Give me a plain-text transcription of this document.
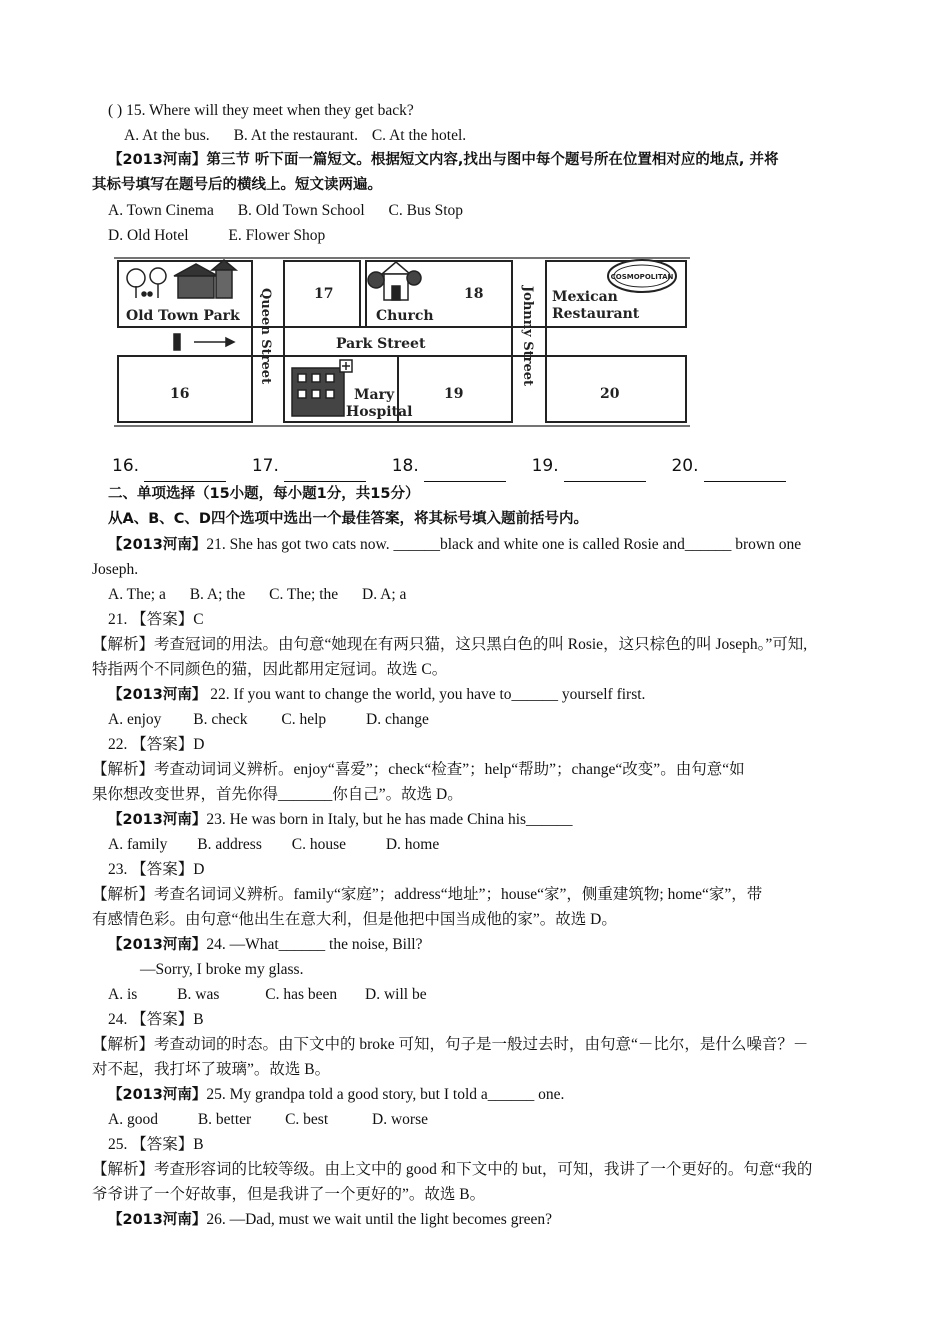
( ) 15. Where will they meet when they get back?
A. At the bus. B. At the restaurant. C. At the hotel.
【2013河南】第三节 听下面一篇短文。根据短文内容,找出与图中每个题号所在位置相对应的地点, 并将
其标号填写在题号后的横线上。短文读两遍。
A. Town Cinema B. Old Town School C. Bus Stop
D. Old Hotel	E. Flower Shop
COSMOPOLITAN
Old Town Park	Church
Mexican
Restaurant
Park Street
Mary
Hospital
Queen Street	Johnny Street
17	18
16	19	20
16.	17.	18.	19.	20.
二、单项选择（15小题，每小题1分，共15分）
从A、B、C、D四个选项中选出一个最佳答案，将其标号填入题前括号内。
【2013河南】21. She has got two cats now. ______black and white one is called Rosie and______ brown one
Joseph.
A. The; a B. A; the C. The; the D. A; a
21. 【答案】C
【解析】考查冠词的用法。由句意“她现在有两只猫，这只黑白色的叫 Rosie，这只棕色的叫 Joseph。”可知,
特指两个不同颜色的猫，因此都用定冠词。故选 C。
【2013河南】 22. If you want to change the world, you have to______ yourself first.
A. enjoy B. check C. help	D. change
22. 【答案】D
【解析】考查动词词义辨析。enjoy“喜爱”；check“检查”；help“帮助”；change“改变”。由句意“如
果你想改变世界，首先你得_______你自己”。故选 D。
【2013河南】23. He was born in Italy, but he has made China his______
A. family B. address C. house	D. home
23. 【答案】D
【解析】考查名词词义辨析。family“家庭”；address“地址”；house“家”，侧重建筑物; home“家”，带
有感情色彩。由句意“他出生在意大利，但是他把中国当成他的家”。故选 D。
【2013河南】24. —What______ the noise, Bill?
—Sorry, I broke my glass.
A. is	B. was	C. has been D. will be
24. 【答案】B
【解析】考查动词的时态。由下文中的 broke 可知，句子是一般过去时，由句意“－比尔，是什么噪音？－
对不起，我打坏了玻璃”。故选 B。
【2013河南】25. My grandpa told a good story, but I told a______ one.
A. good	B. better C. best	D. worse
25. 【答案】B
【解析】考查形容词的比较等级。由上文中的 good 和下文中的 but，可知，我讲了一个更好的。句意“我的
爷爷讲了一个好故事，但是我讲了一个更好的”。故选 B。
【2013河南】26. —Dad, must we wait until the light becomes green?
